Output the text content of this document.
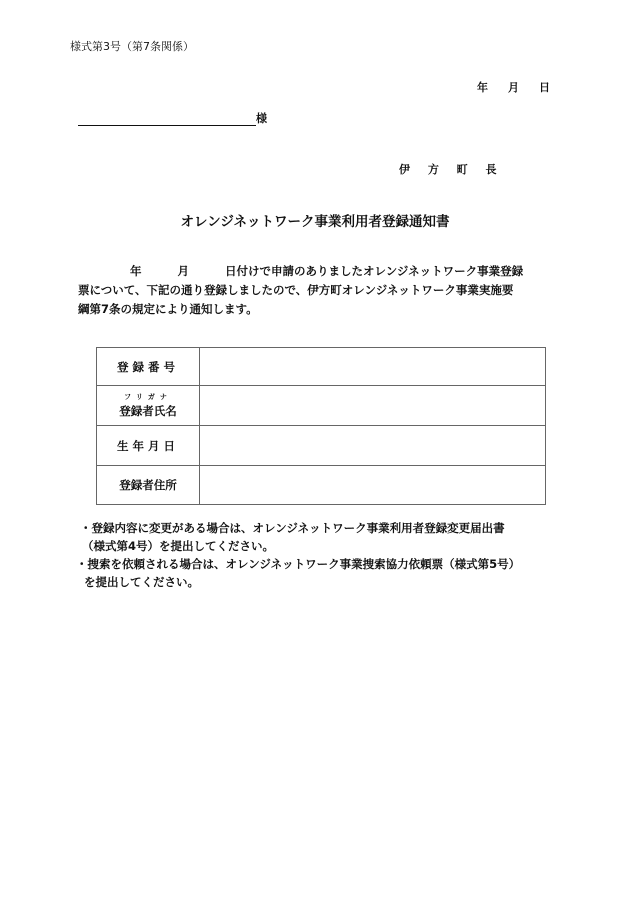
様式第3号（第7条関係）
年 月 日
様
伊 方 町 長
オレンジネットワーク事業利用者登録通知書
年	月	日付けで申請のありましたオレンジネットワーク事業登録
票について、下記の通り登録しましたので、伊方町オレンジネットワーク事業実施要
綱第7条の規定により通知します。
登録番号	

フリガナ
登録者氏名	
生年月日	
登録者住所	
・登録内容に変更がある場合は、オレンジネットワーク事業利用者登録変更届出書
（様式第4号）を提出してください。
・捜索を依頼される場合は、オレンジネットワーク事業捜索協力依頼票（様式第5号）
を提出してください。
